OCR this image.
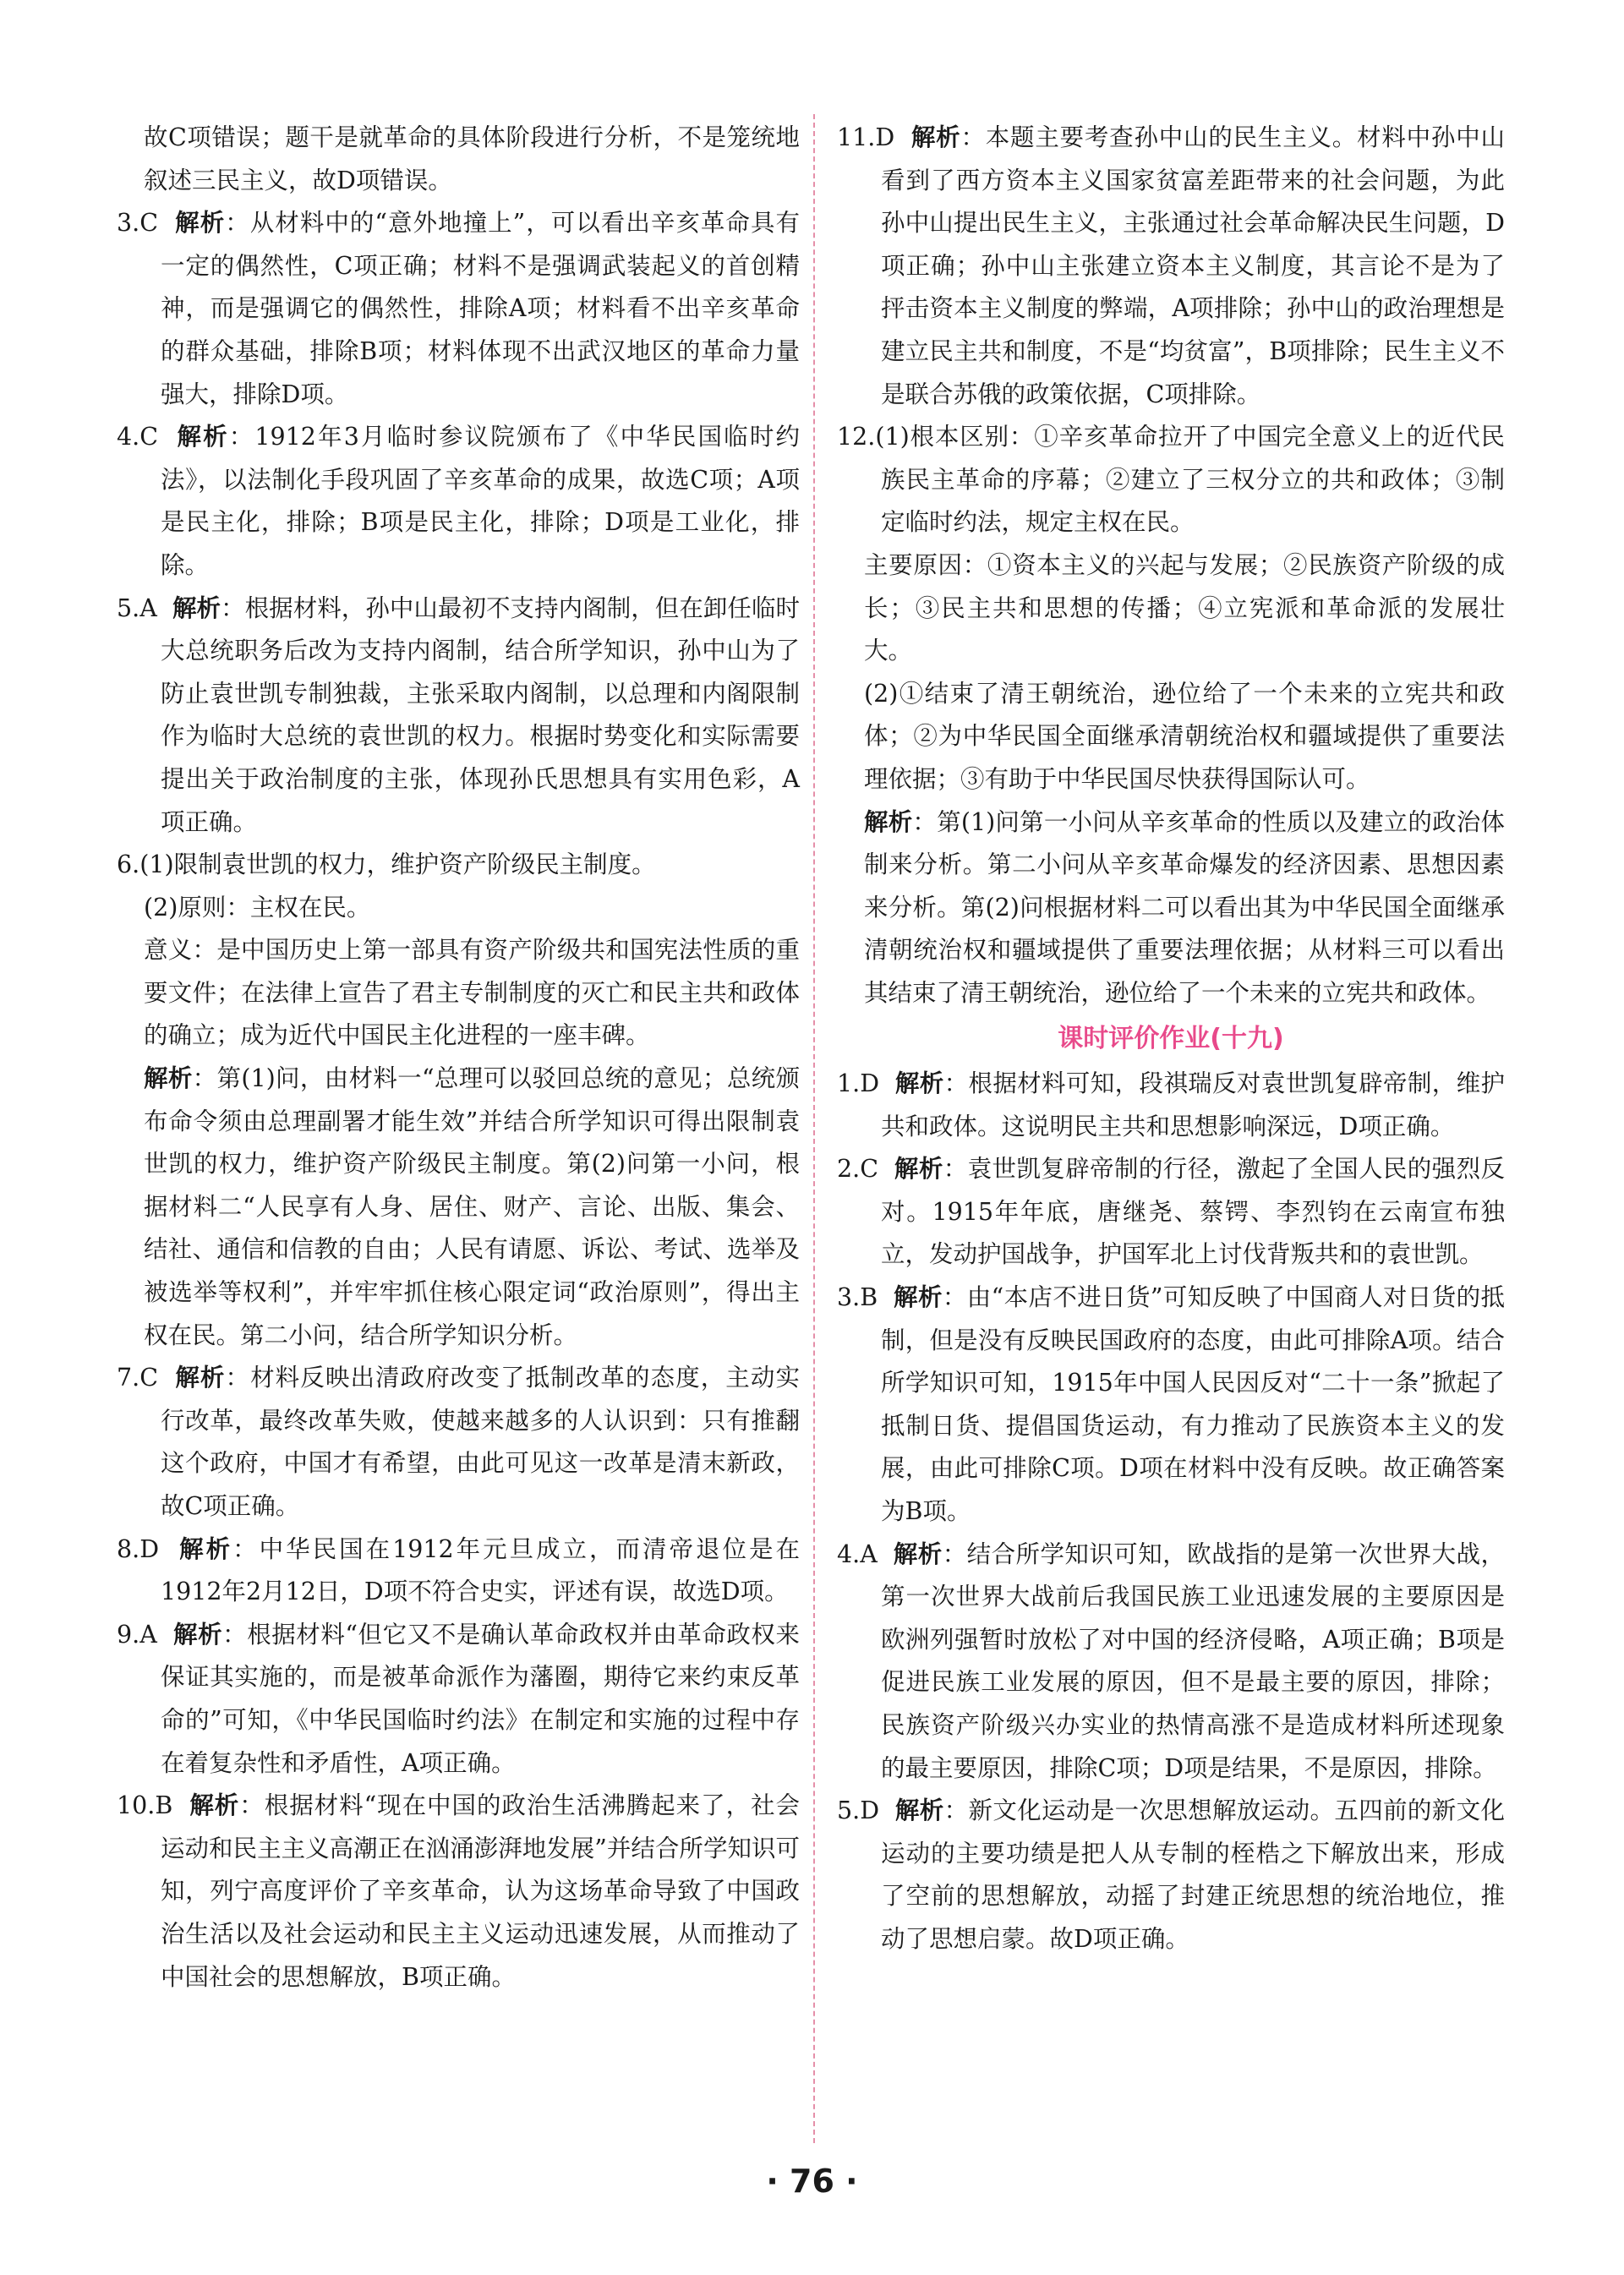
故C项错误；题干是就革命的具体阶段进行分析，不是笼统地叙述三民主义，故D项错误。

3.C 解析：从材料中的“意外地撞上”，可以看出辛亥革命具有一定的偶然性，C项正确；材料不是强调武装起义的首创精神，而是强调它的偶然性，排除A项；材料看不出辛亥革命的群众基础，排除B项；材料体现不出武汉地区的革命力量强大，排除D项。

4.C 解析：1912年3月临时参议院颁布了《中华民国临时约法》，以法制化手段巩固了辛亥革命的成果，故选C项；A项是民主化，排除；B项是民主化，排除；D项是工业化，排除。

5.A 解析：根据材料，孙中山最初不支持内阁制，但在卸任临时大总统职务后改为支持内阁制，结合所学知识，孙中山为了防止袁世凯专制独裁，主张采取内阁制，以总理和内阁限制作为临时大总统的袁世凯的权力。根据时势变化和实际需要提出关于政治制度的主张，体现孙氏思想具有实用色彩，A项正确。

6.(1)限制袁世凯的权力，维护资产阶级民主制度。

(2)原则：主权在民。

意义：是中国历史上第一部具有资产阶级共和国宪法性质的重要文件；在法律上宣告了君主专制制度的灭亡和民主共和政体的确立；成为近代中国民主化进程的一座丰碑。

解析：第(1)问，由材料一“总理可以驳回总统的意见；总统颁布命令须由总理副署才能生效”并结合所学知识可得出限制袁世凯的权力，维护资产阶级民主制度。第(2)问第一小问，根据材料二“人民享有人身、居住、财产、言论、出版、集会、结社、通信和信教的自由；人民有请愿、诉讼、考试、选举及被选举等权利”，并牢牢抓住核心限定词“政治原则”，得出主权在民。第二小问，结合所学知识分析。

7.C 解析：材料反映出清政府改变了抵制改革的态度，主动实行改革，最终改革失败，使越来越多的人认识到：只有推翻这个政府，中国才有希望，由此可见这一改革是清末新政，故C项正确。

8.D 解析：中华民国在1912年元旦成立，而清帝退位是在1912年2月12日，D项不符合史实，评述有误，故选D项。

9.A 解析：根据材料“但它又不是确认革命政权并由革命政权来保证其实施的，而是被革命派作为藩圈，期待它来约束反革命的”可知，《中华民国临时约法》在制定和实施的过程中存在着复杂性和矛盾性，A项正确。

10.B 解析：根据材料“现在中国的政治生活沸腾起来了，社会运动和民主主义高潮正在汹涌澎湃地发展”并结合所学知识可知，列宁高度评价了辛亥革命，认为这场革命导致了中国政治生活以及社会运动和民主主义运动迅速发展，从而推动了中国社会的思想解放，B项正确。

11.D 解析：本题主要考查孙中山的民生主义。材料中孙中山看到了西方资本主义国家贫富差距带来的社会问题，为此孙中山提出民生主义，主张通过社会革命解决民生问题，D项正确；孙中山主张建立资本主义制度，其言论不是为了抨击资本主义制度的弊端，A项排除；孙中山的政治理想是建立民主共和制度，不是“均贫富”，B项排除；民生主义不是联合苏俄的政策依据，C项排除。

12.(1)根本区别：①辛亥革命拉开了中国完全意义上的近代民族民主革命的序幕；②建立了三权分立的共和政体；③制定临时约法，规定主权在民。

主要原因：①资本主义的兴起与发展；②民族资产阶级的成长；③民主共和思想的传播；④立宪派和革命派的发展壮大。

(2)①结束了清王朝统治，逊位给了一个未来的立宪共和政体；②为中华民国全面继承清朝统治权和疆域提供了重要法理依据；③有助于中华民国尽快获得国际认可。

解析：第(1)问第一小问从辛亥革命的性质以及建立的政治体制来分析。第二小问从辛亥革命爆发的经济因素、思想因素来分析。第(2)问根据材料二可以看出其为中华民国全面继承清朝统治权和疆域提供了重要法理依据；从材料三可以看出其结束了清王朝统治，逊位给了一个未来的立宪共和政体。

课时评价作业(十九)

1.D 解析：根据材料可知，段祺瑞反对袁世凯复辟帝制，维护共和政体。这说明民主共和思想影响深远，D项正确。

2.C 解析：袁世凯复辟帝制的行径，激起了全国人民的强烈反对。1915年年底，唐继尧、蔡锷、李烈钧在云南宣布独立，发动护国战争，护国军北上讨伐背叛共和的袁世凯。

3.B 解析：由“本店不进日货”可知反映了中国商人对日货的抵制，但是没有反映民国政府的态度，由此可排除A项。结合所学知识可知，1915年中国人民因反对“二十一条”掀起了抵制日货、提倡国货运动，有力推动了民族资本主义的发展，由此可排除C项。D项在材料中没有反映。故正确答案为B项。

4.A 解析：结合所学知识可知，欧战指的是第一次世界大战，第一次世界大战前后我国民族工业迅速发展的主要原因是欧洲列强暂时放松了对中国的经济侵略，A项正确；B项是促进民族工业发展的原因，但不是最主要的原因，排除；民族资产阶级兴办实业的热情高涨不是造成材料所述现象的最主要原因，排除C项；D项是结果，不是原因，排除。

5.D 解析：新文化运动是一次思想解放运动。五四前的新文化运动的主要功绩是把人从专制的桎梏之下解放出来，形成了空前的思想解放，动摇了封建正统思想的统治地位，推动了思想启蒙。故D项正确。

· 76 ·
